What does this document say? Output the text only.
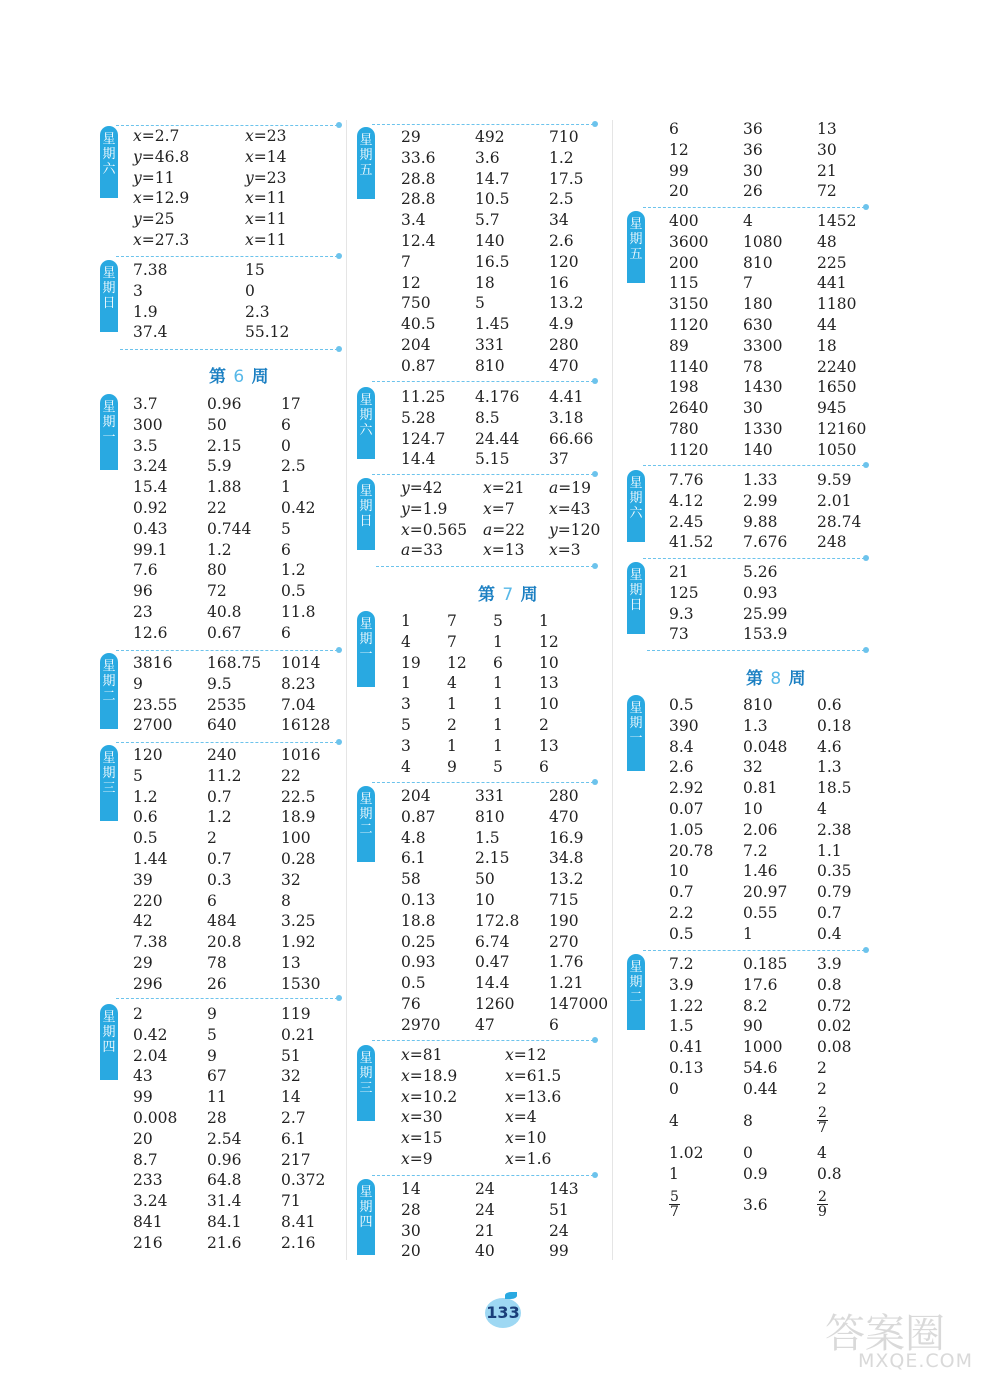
星
期
六
x=2.7	x=23
y=46.8	x=14
y=11	y=23
x=12.9	x=11
y=25	x=11
x=27.3	x=11
星
期
日
7.38	15
3	0
1.9	2.3
37.4	55.12
第 6 周
星
期
一
3.7	0.96	17
300	50	6
3.5	2.15	0
3.24	5.9	2.5
15.4	1.88	1
0.92	22	0.42
0.43	0.744 5
99.1	1.2	6
7.6	80	1.2
96	72	0.5
23	40.8	11.8
12.6	0.67	6
星
期
二
3816 168.75 1014
9	9.5	8.23
23.55 2535 7.04
2700 640	16128
星
期
三
120	240	1016
5	11.2	22
1.2	0.7	22.5
0.6	1.2	18.9
0.5	2	100
1.44	0.7	0.28
39	0.3	32
220	6	8
42	484	3.25
7.38	20.8	1.92
29	78	13
296	26	1530
星
期
四
2	9	119
0.42	5	0.21
2.04	9	51
43	67	32
99	11	14
0.008 28	2.7
20	2.54	6.1
8.7	0.96	217
233	64.8	0.372
3.24	31.4	71
841	84.1	8.41
216	21.6	2.16
星
期
五
29	492	710
33.6	3.6	1.2
28.8	14.7	17.5
28.8	10.5	2.5
3.4	5.7	34
12.4	140	2.6
7	16.5	120
12	18	16
750	5	13.2
40.5	1.45	4.9
204	331	280
0.87	810	470
星
期
六
11.25 4.176 4.41
5.28	8.5	3.18
124.7 24.44 66.66
14.4	5.15	37
星
期
日
y=42	x=21 a=19
y=1.9 x=7 x=43
x=0.565 a=22 y=120
a=33	x=13 x=3
第 7 周
星
期
一
1 7 5 1
4 7 1 12
19 12 6 10
1 4 1 13
3 1 1 10
5 2 1 2
3 1 1 13
4 9 5 6
星
期
二
204	331	280
0.87	810	470
4.8	1.5	16.9
6.1	2.15	34.8
58	50	13.2
0.13	10	715
18.8	172.8 190
0.25	6.74	270
0.93	0.47	1.76
0.5	14.4	1.21
76	1260 147000
2970 47	6
星
期
三
x=81	x=12
x=18.9	x=61.5
x=10.2	x=13.6
x=30	x=4
x=15	x=10
x=9	x=1.6
星
期
四
14	24	143
28	24	51
30	21	24
20	40	99
6	36	13
12	36	30
99	30	21
20	26	72
星
期
五
400	4	1452
3600 1080 48
200	810	225
115	7	441
3150 180	1180
1120 630	44
89	3300 18
1140 78	2240
198	1430 1650
2640 30	945
780	1330 12160
1120 140	1050
星
期
六
7.76	1.33	9.59
4.12	2.99	2.01
2.45	9.88	28.74
41.52 7.676 248
星
期
日
21	5.26
125	0.93
9.3	25.99
73	153.9
第 8 周
星
期
一
0.5	810	0.6
390	1.3	0.18
8.4	0.048 4.6
2.6	32	1.3
2.92	0.81	18.5
0.07	10	4
1.05	2.06	2.38
20.78 7.2	1.1
10	1.46	0.35
0.7	20.97 0.79
2.2	0.55	0.7
0.5	1	0.4
星
期
二
7.2	0.185 3.9
3.9	17.6	0.8
1.22	8.2	0.72
1.5	90	0.02
0.41	1000 0.08
0.13	54.6	2
0	0.44	2
4	8	$\frac{2}{7}$
1.02	0	4
1	0.9	0.8
$\frac{5}{7}$	3.6	$\frac{2}{9}$
133	答案圈
MXQE.COM
